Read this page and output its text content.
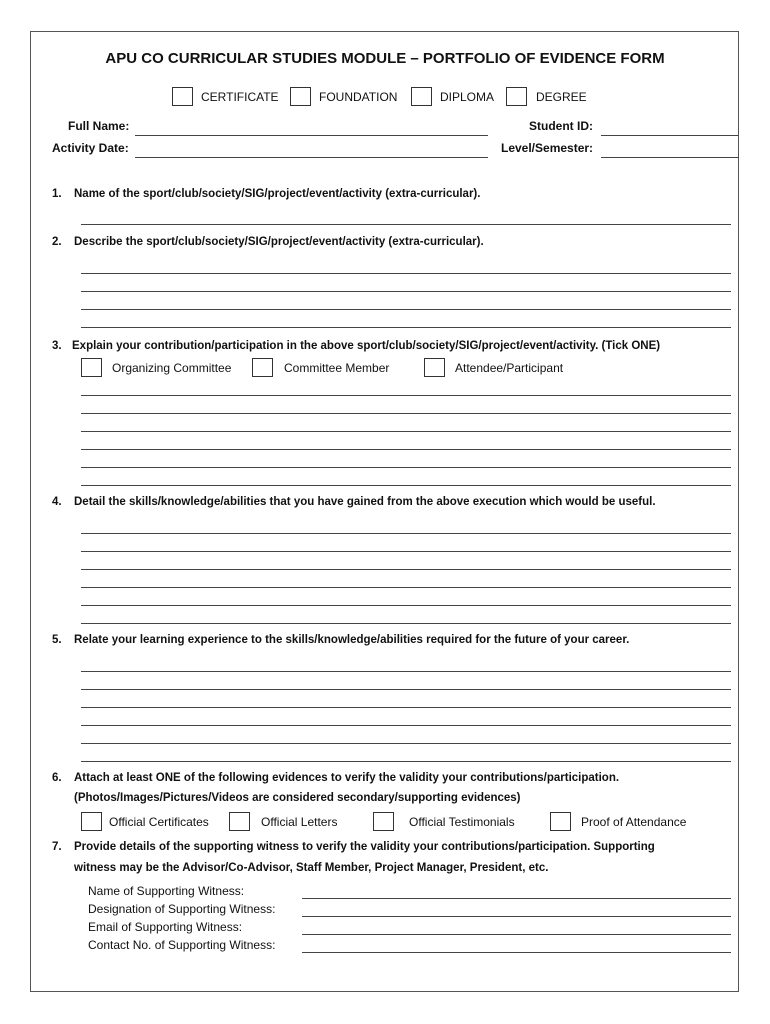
APU CO CURRICULAR STUDIES MODULE – PORTFOLIO OF EVIDENCE FORM
CERTIFICATE	FOUNDATION	DIPLOMA	DEGREE
Full Name:
Activity Date:
Student ID:
Level/Semester:
1. Name of the sport/club/society/SIG/project/event/activity (extra-curricular).
2. Describe the sport/club/society/SIG/project/event/activity (extra-curricular).
3. Explain your contribution/participation in the above sport/club/society/SIG/project/event/activity. (Tick ONE)
Organizing Committee	Committee Member	Attendee/Participant
4. Detail the skills/knowledge/abilities that you have gained from the above execution which would be useful.
5. Relate your learning experience to the skills/knowledge/abilities required for the future of your career.
6. Attach at least ONE of the following evidences to verify the validity your contributions/participation.
(Photos/Images/Pictures/Videos are considered secondary/supporting evidences)
Official Certificates	Official Letters	Official Testimonials	Proof of Attendance
7. Provide details of the supporting witness to verify the validity your contributions/participation. Supporting
witness may be the Advisor/Co-Advisor, Staff Member, Project Manager, President, etc.
Name of Supporting Witness:
Designation of Supporting Witness:
Email of Supporting Witness:
Contact No. of Supporting Witness:
